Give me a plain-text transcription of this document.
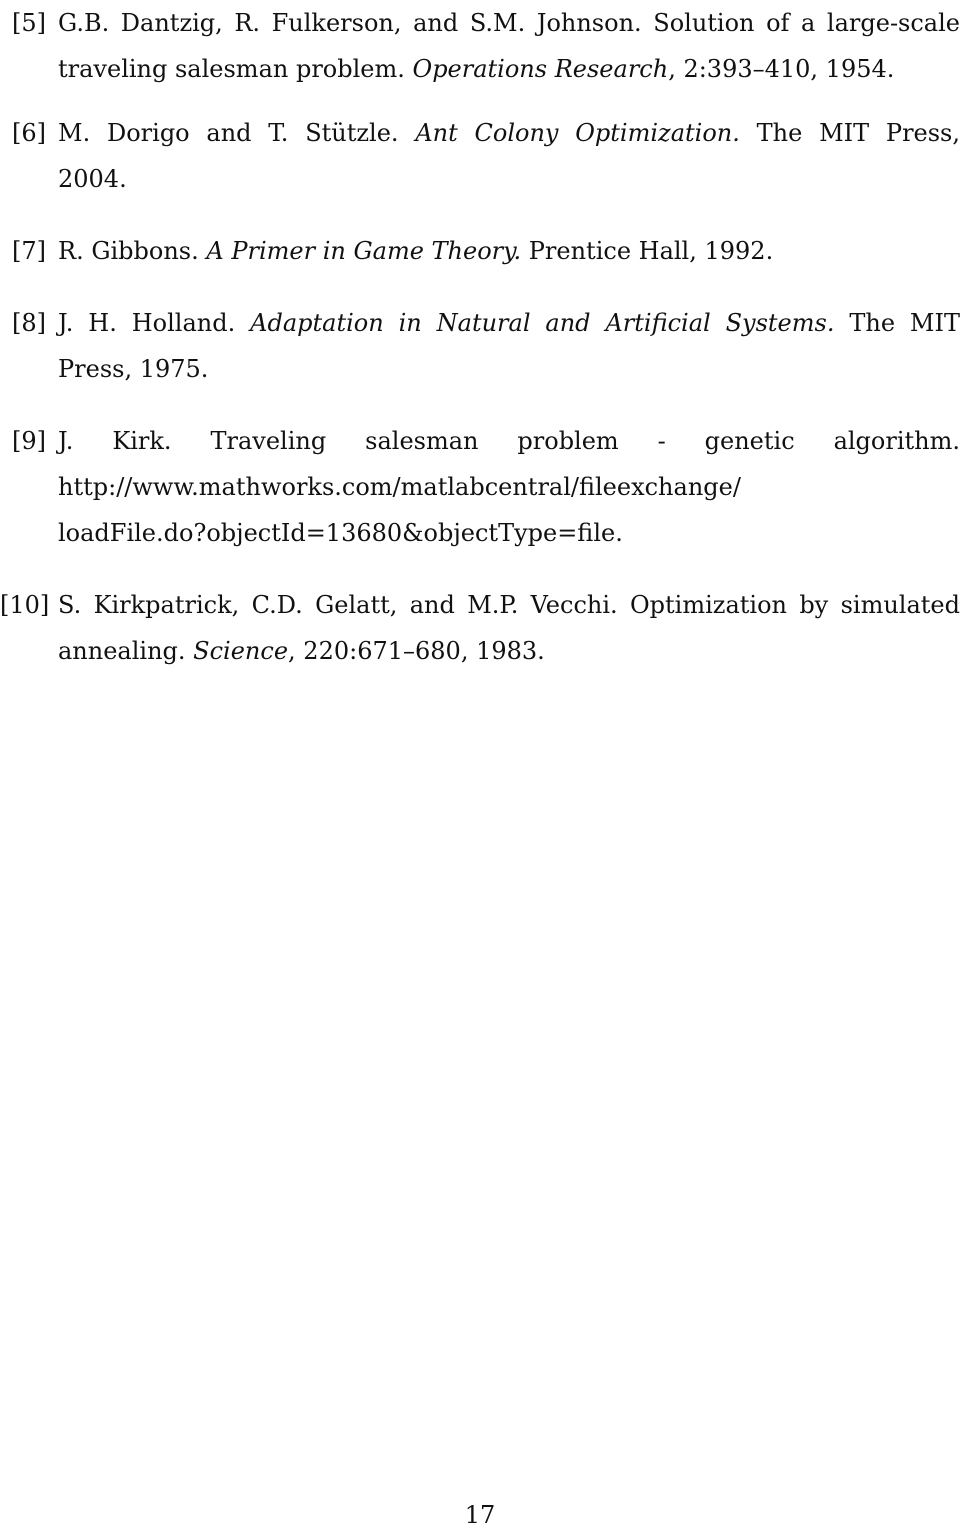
[5] G.B. Dantzig, R. Fulkerson, and S.M. Johnson. Solution of a large-scale
traveling salesman problem. Operations Research, 2:393–410, 1954.
[6] M. Dorigo and T. Stützle. Ant Colony Optimization. The MIT Press,
2004.
[7] R. Gibbons. A Primer in Game Theory. Prentice Hall, 1992.
[8] J. H. Holland. Adaptation in Natural and Artificial Systems. The MIT
Press, 1975.
[9] J. Kirk. Traveling salesman problem - genetic algorithm.
http://www.mathworks.com/matlabcentral/fileexchange/
loadFile.do?objectId=13680&objectType=file.
[10] S. Kirkpatrick, C.D. Gelatt, and M.P. Vecchi. Optimization by simulated
annealing. Science, 220:671–680, 1983.
17
